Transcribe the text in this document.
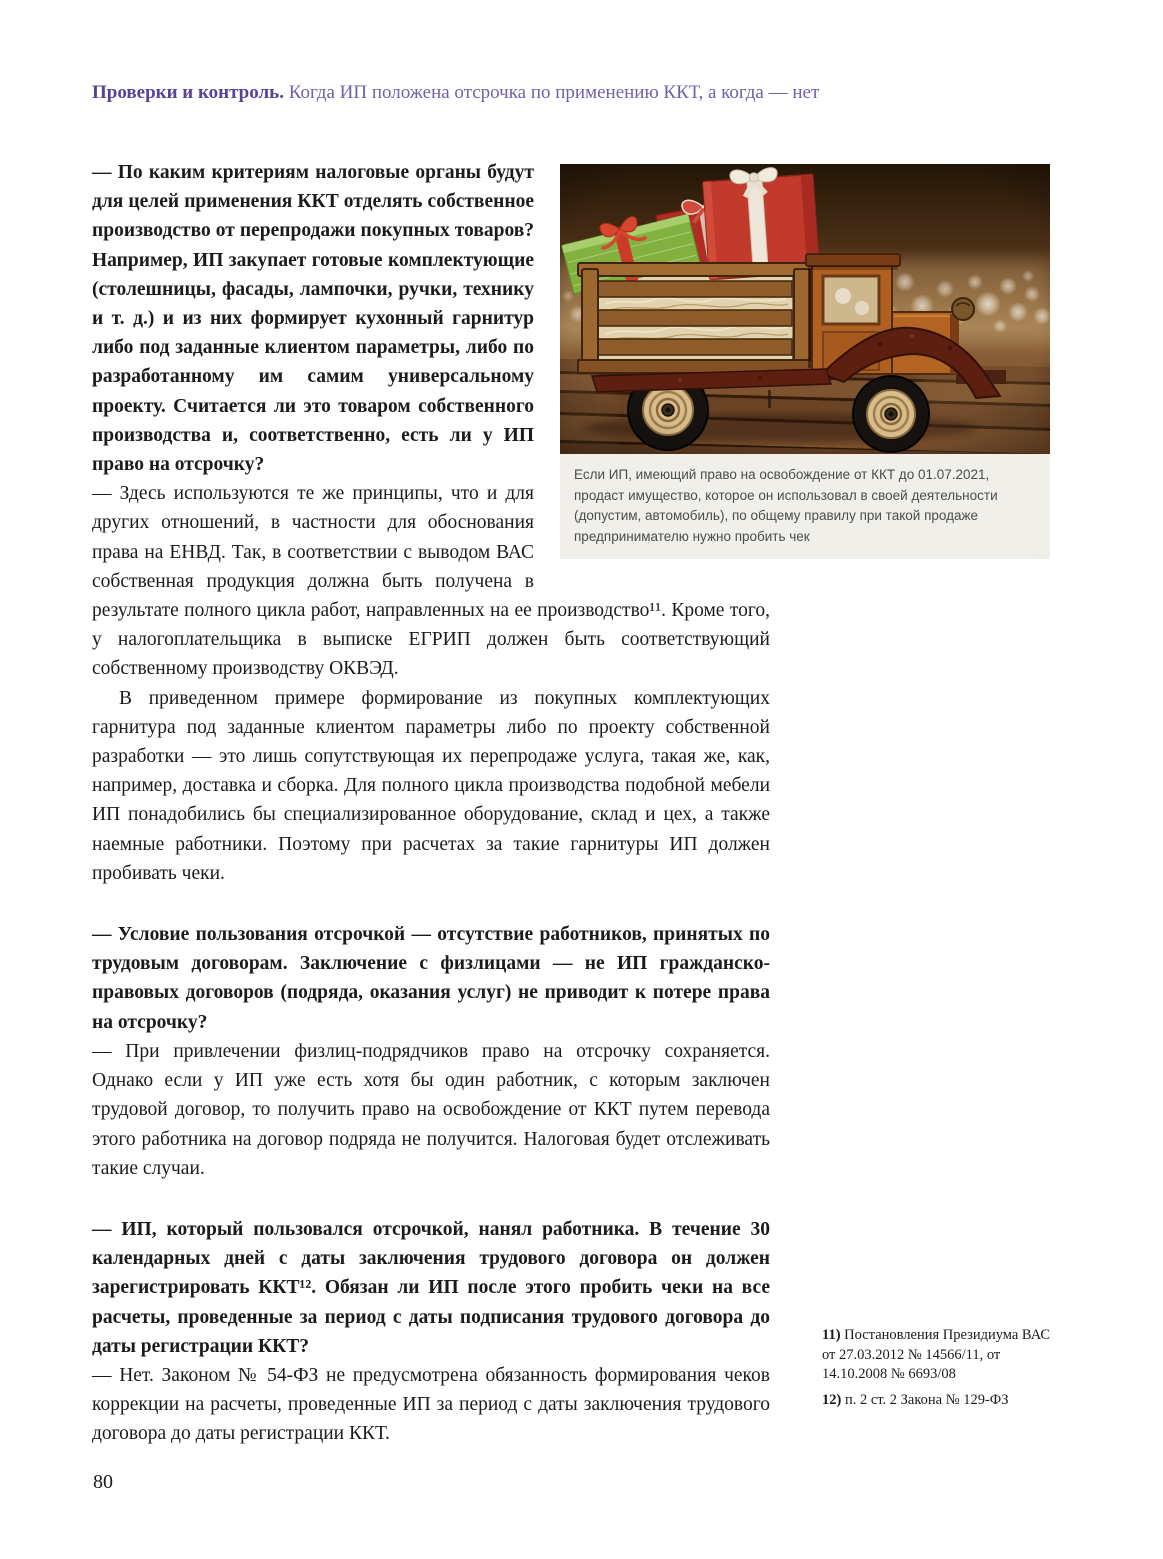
Проверки и контроль. Когда ИП положена отсрочка по применению ККТ, а когда — нет
Если ИП, имеющий право на освобождение от ККТ до 01.07.2021, продаст имущество, которое он использовал в своей деятельности (допустим, автомобиль), по общему правилу при такой продаже предпринимателю нужно пробить чек

— По каким критериям налоговые органы будут для целей применения ККТ отделять собственное производство от перепродажи покупных товаров? Например, ИП закупает готовые комплектующие (столешницы, фасады, лампочки, ручки, технику и т. д.) и из них формирует кухонный гарнитур либо под заданные клиентом параметры, либо по разработанному им самим универсальному проекту. Считается ли это товаром собственного производства и, соответственно, есть ли у ИП право на отсрочку?

— Здесь используются те же принципы, что и для других отношений, в частности для обоснования права на ЕНВД. Так, в соответствии с выводом ВАС собственная продукция должна быть получена в результате полного цикла работ, направленных на ее производство¹¹. Кроме того, у налогоплательщика в выписке ЕГРИП должен быть соответствующий собственному производству ОКВЭД.

В приведенном примере формирование из покупных комплектующих гарнитура под заданные клиентом параметры либо по проекту собственной разработки — это лишь сопутствующая их перепродаже услуга, такая же, как, например, доставка и сборка. Для полного цикла производства подобной мебели ИП понадобились бы специализированное оборудование, склад и цех, а также наемные работники. Поэтому при расчетах за такие гарнитуры ИП должен пробивать чеки.

— Условие пользования отсрочкой — отсутствие работников, принятых по трудовым договорам. Заключение с физлицами — не ИП гражданско-правовых договоров (подряда, оказания услуг) не приводит к потере права на отсрочку?

— При привлечении физлиц-подрядчиков право на отсрочку сохраняется. Однако если у ИП уже есть хотя бы один работник, с которым заключен трудовой договор, то получить право на освобождение от ККТ путем перевода этого работника на договор подряда не получится. Налоговая будет отслеживать такие случаи.

— ИП, который пользовался отсрочкой, нанял работника. В течение 30 календарных дней с даты заключения трудового договора он должен зарегистрировать ККТ¹². Обязан ли ИП после этого пробить чеки на все расчеты, проведенные за период с даты подписания трудового договора до даты регистрации ККТ?

— Нет. Законом № 54-ФЗ не предусмотрена обязанность формирования чеков коррекции на расчеты, проведенные ИП за период с даты заключения трудового договора до даты регистрации ККТ.

11) Постановления Президиума ВАС от 27.03.2012 № 14566/11, от 14.10.2008 № 6693/08

12) п. 2 ст. 2 Закона № 129-ФЗ

80
